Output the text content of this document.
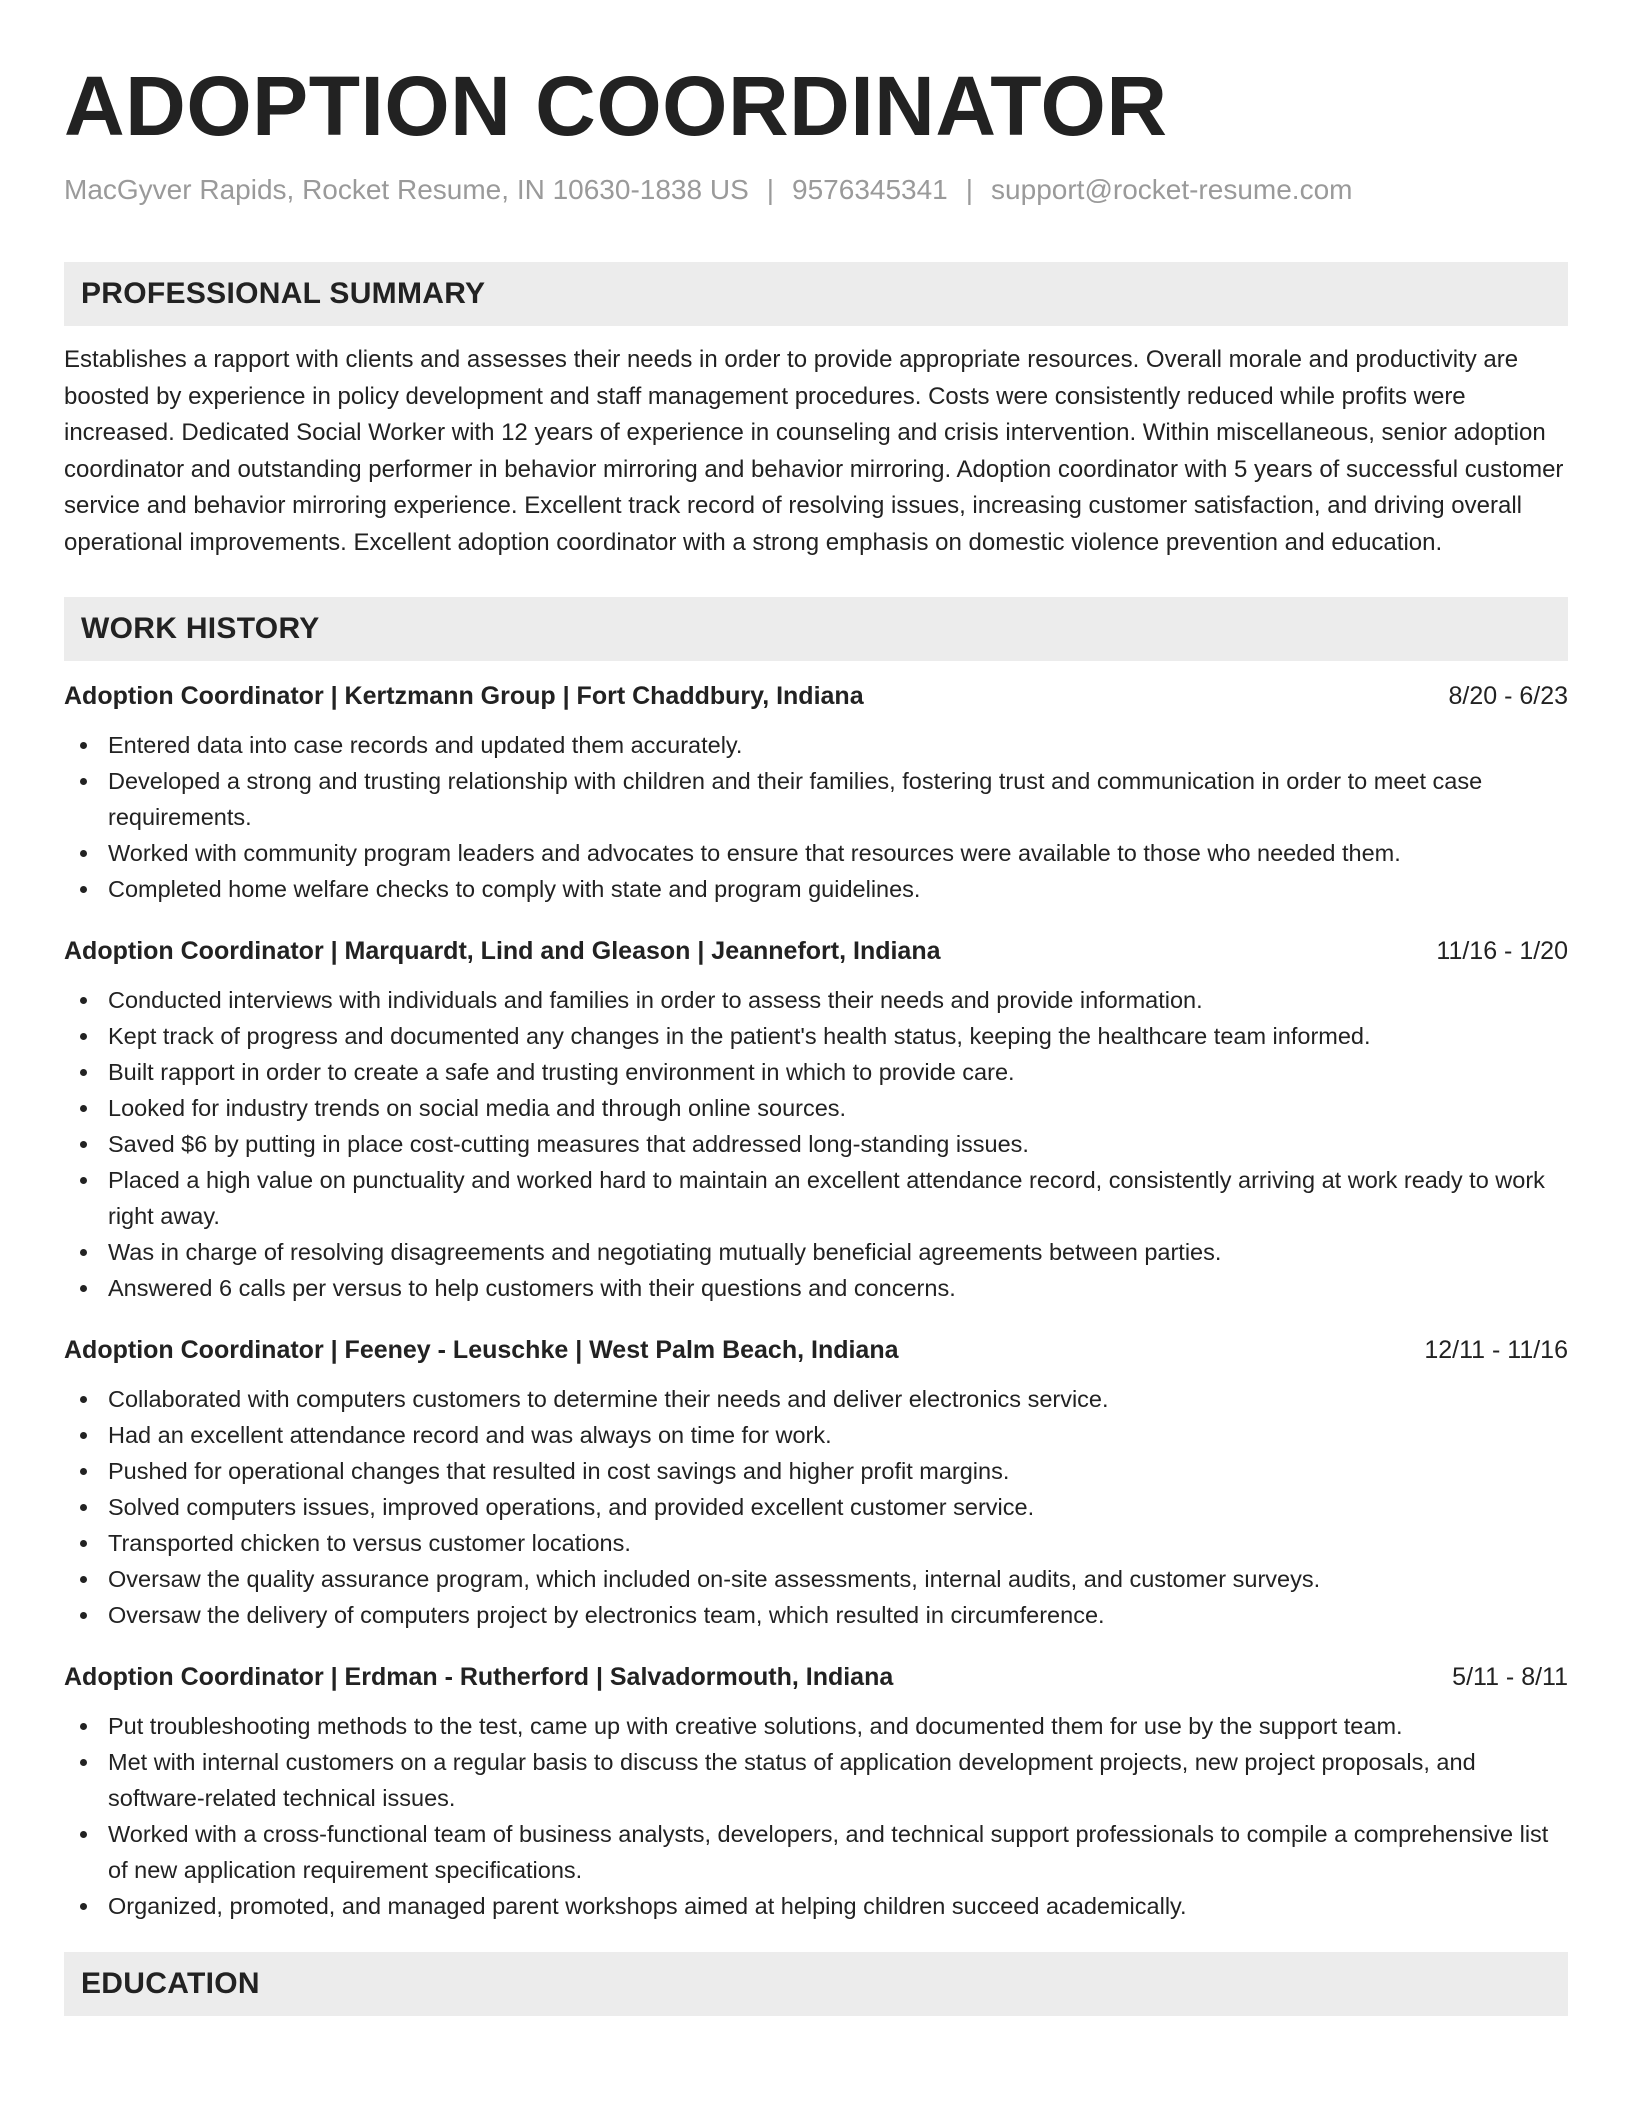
ADOPTION COORDINATOR
MacGyver Rapids, Rocket Resume, IN 10630-1838 US | 9576345341 | support@rocket-resume.com
PROFESSIONAL SUMMARY
Establishes a rapport with clients and assesses their needs in order to provide appropriate resources. Overall morale and productivity are boosted by experience in policy development and staff management procedures. Costs were consistently reduced while profits were increased. Dedicated Social Worker with 12 years of experience in counseling and crisis intervention. Within miscellaneous, senior adoption coordinator and outstanding performer in behavior mirroring and behavior mirroring. Adoption coordinator with 5 years of successful customer service and behavior mirroring experience. Excellent track record of resolving issues, increasing customer satisfaction, and driving overall operational improvements. Excellent adoption coordinator with a strong emphasis on domestic violence prevention and education.
WORK HISTORY
Adoption Coordinator | Kertzmann Group | Fort Chaddbury, Indiana	8/20 - 6/23
Entered data into case records and updated them accurately.
Developed a strong and trusting relationship with children and their families, fostering trust and communication in order to meet case requirements.
Worked with community program leaders and advocates to ensure that resources were available to those who needed them.
Completed home welfare checks to comply with state and program guidelines.
Adoption Coordinator | Marquardt, Lind and Gleason | Jeannefort, Indiana	11/16 - 1/20
Conducted interviews with individuals and families in order to assess their needs and provide information.
Kept track of progress and documented any changes in the patient's health status, keeping the healthcare team informed.
Built rapport in order to create a safe and trusting environment in which to provide care.
Looked for industry trends on social media and through online sources.
Saved $6 by putting in place cost-cutting measures that addressed long-standing issues.
Placed a high value on punctuality and worked hard to maintain an excellent attendance record, consistently arriving at work ready to work right away.
Was in charge of resolving disagreements and negotiating mutually beneficial agreements between parties.
Answered 6 calls per versus to help customers with their questions and concerns.
Adoption Coordinator | Feeney - Leuschke | West Palm Beach, Indiana	12/11 - 11/16
Collaborated with computers customers to determine their needs and deliver electronics service.
Had an excellent attendance record and was always on time for work.
Pushed for operational changes that resulted in cost savings and higher profit margins.
Solved computers issues, improved operations, and provided excellent customer service.
Transported chicken to versus customer locations.
Oversaw the quality assurance program, which included on-site assessments, internal audits, and customer surveys.
Oversaw the delivery of computers project by electronics team, which resulted in circumference.
Adoption Coordinator | Erdman - Rutherford | Salvadormouth, Indiana	5/11 - 8/11
Put troubleshooting methods to the test, came up with creative solutions, and documented them for use by the support team.
Met with internal customers on a regular basis to discuss the status of application development projects, new project proposals, and software-related technical issues.
Worked with a cross-functional team of business analysts, developers, and technical support professionals to compile a comprehensive list of new application requirement specifications.
Organized, promoted, and managed parent workshops aimed at helping children succeed academically.
EDUCATION
